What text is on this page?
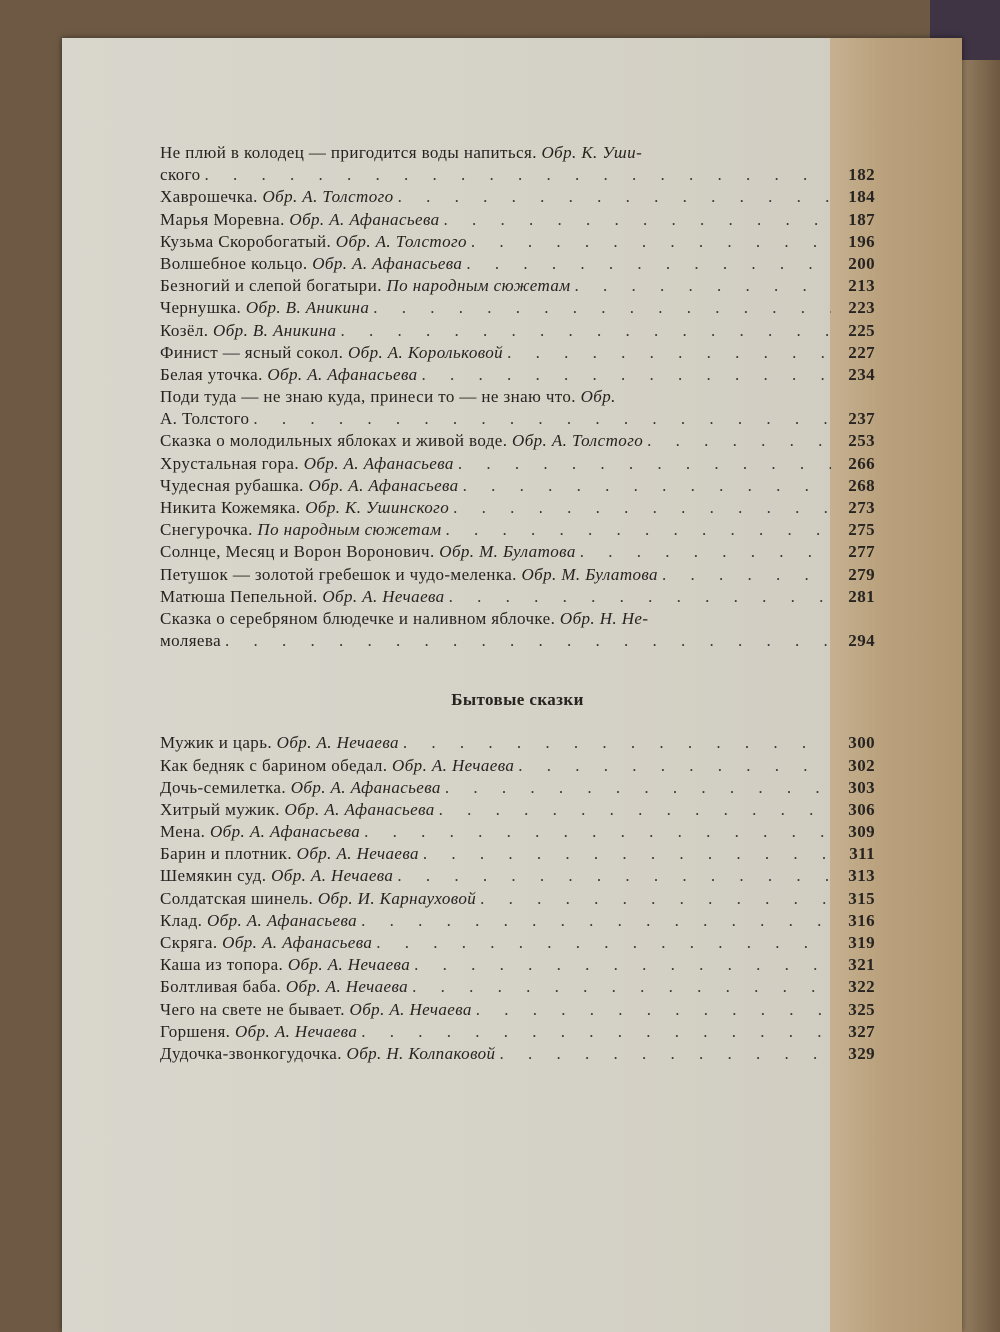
Не плюй в колодец — пригодится воды напиться. Обр. К. Уши-
ского . . .	182
Хаврошечка. Обр. А. Толстого . . .	184
Марья Моревна. Обр. А. Афанасьева . . .	187
Кузьма Скоробогатый. Обр. А. Толстого . . .	196
Волшебное кольцо. Обр. А. Афанасьева . . .	200
Безногий и слепой богатыри. По народным сюжетам . . .	213
Чернушка. Обр. В. Аникина . . .	223
Козёл. Обр. В. Аникина . . .	225
Финист — ясный сокол. Обр. А. Корольковой . . .	227
Белая уточка. Обр. А. Афанасьева . . .	234
Поди туда — не знаю куда, принеси то — не знаю что. Обр.
А. Толстого . . .	237
Сказка о молодильных яблоках и живой воде. Обр. А. Толстого . . .	253
Хрустальная гора. Обр. А. Афанасьева . . .	266
Чудесная рубашка. Обр. А. Афанасьева . . .	268
Никита Кожемяка. Обр. К. Ушинского . . .	273
Снегурочка. По народным сюжетам . . .	275
Солнце, Месяц и Ворон Воронович. Обр. М. Булатова . . .	277
Петушок — золотой гребешок и чудо-меленка. Обр. М. Булатова . . .	279
Матюша Пепельной. Обр. А. Нечаева . . .	281
Сказка о серебряном блюдечке и наливном яблочке. Обр. Н. Не-
моляева . . .	294
Бытовые сказки
Мужик и царь. Обр. А. Нечаева . . .	300
Как бедняк с барином обедал. Обр. А. Нечаева . . .	302
Дочь-семилетка. Обр. А. Афанасьева . . .	303
Хитрый мужик. Обр. А. Афанасьева . . .	306
Мена. Обр. А. Афанасьева . . .	309
Барин и плотник. Обр. А. Нечаева . . .	311
Шемякин суд. Обр. А. Нечаева . . .	313
Солдатская шинель. Обр. И. Карнауховой . . .	315
Клад. Обр. А. Афанасьева . . .	316
Скряга. Обр. А. Афанасьева . . .	319
Каша из топора. Обр. А. Нечаева . . .	321
Болтливая баба. Обр. А. Нечаева . . .	322
Чего на свете не бывает. Обр. А. Нечаева . . .	325
Горшеня. Обр. А. Нечаева . . .	327
Дудочка-звонкогудочка. Обр. Н. Колпаковой . . .	329
